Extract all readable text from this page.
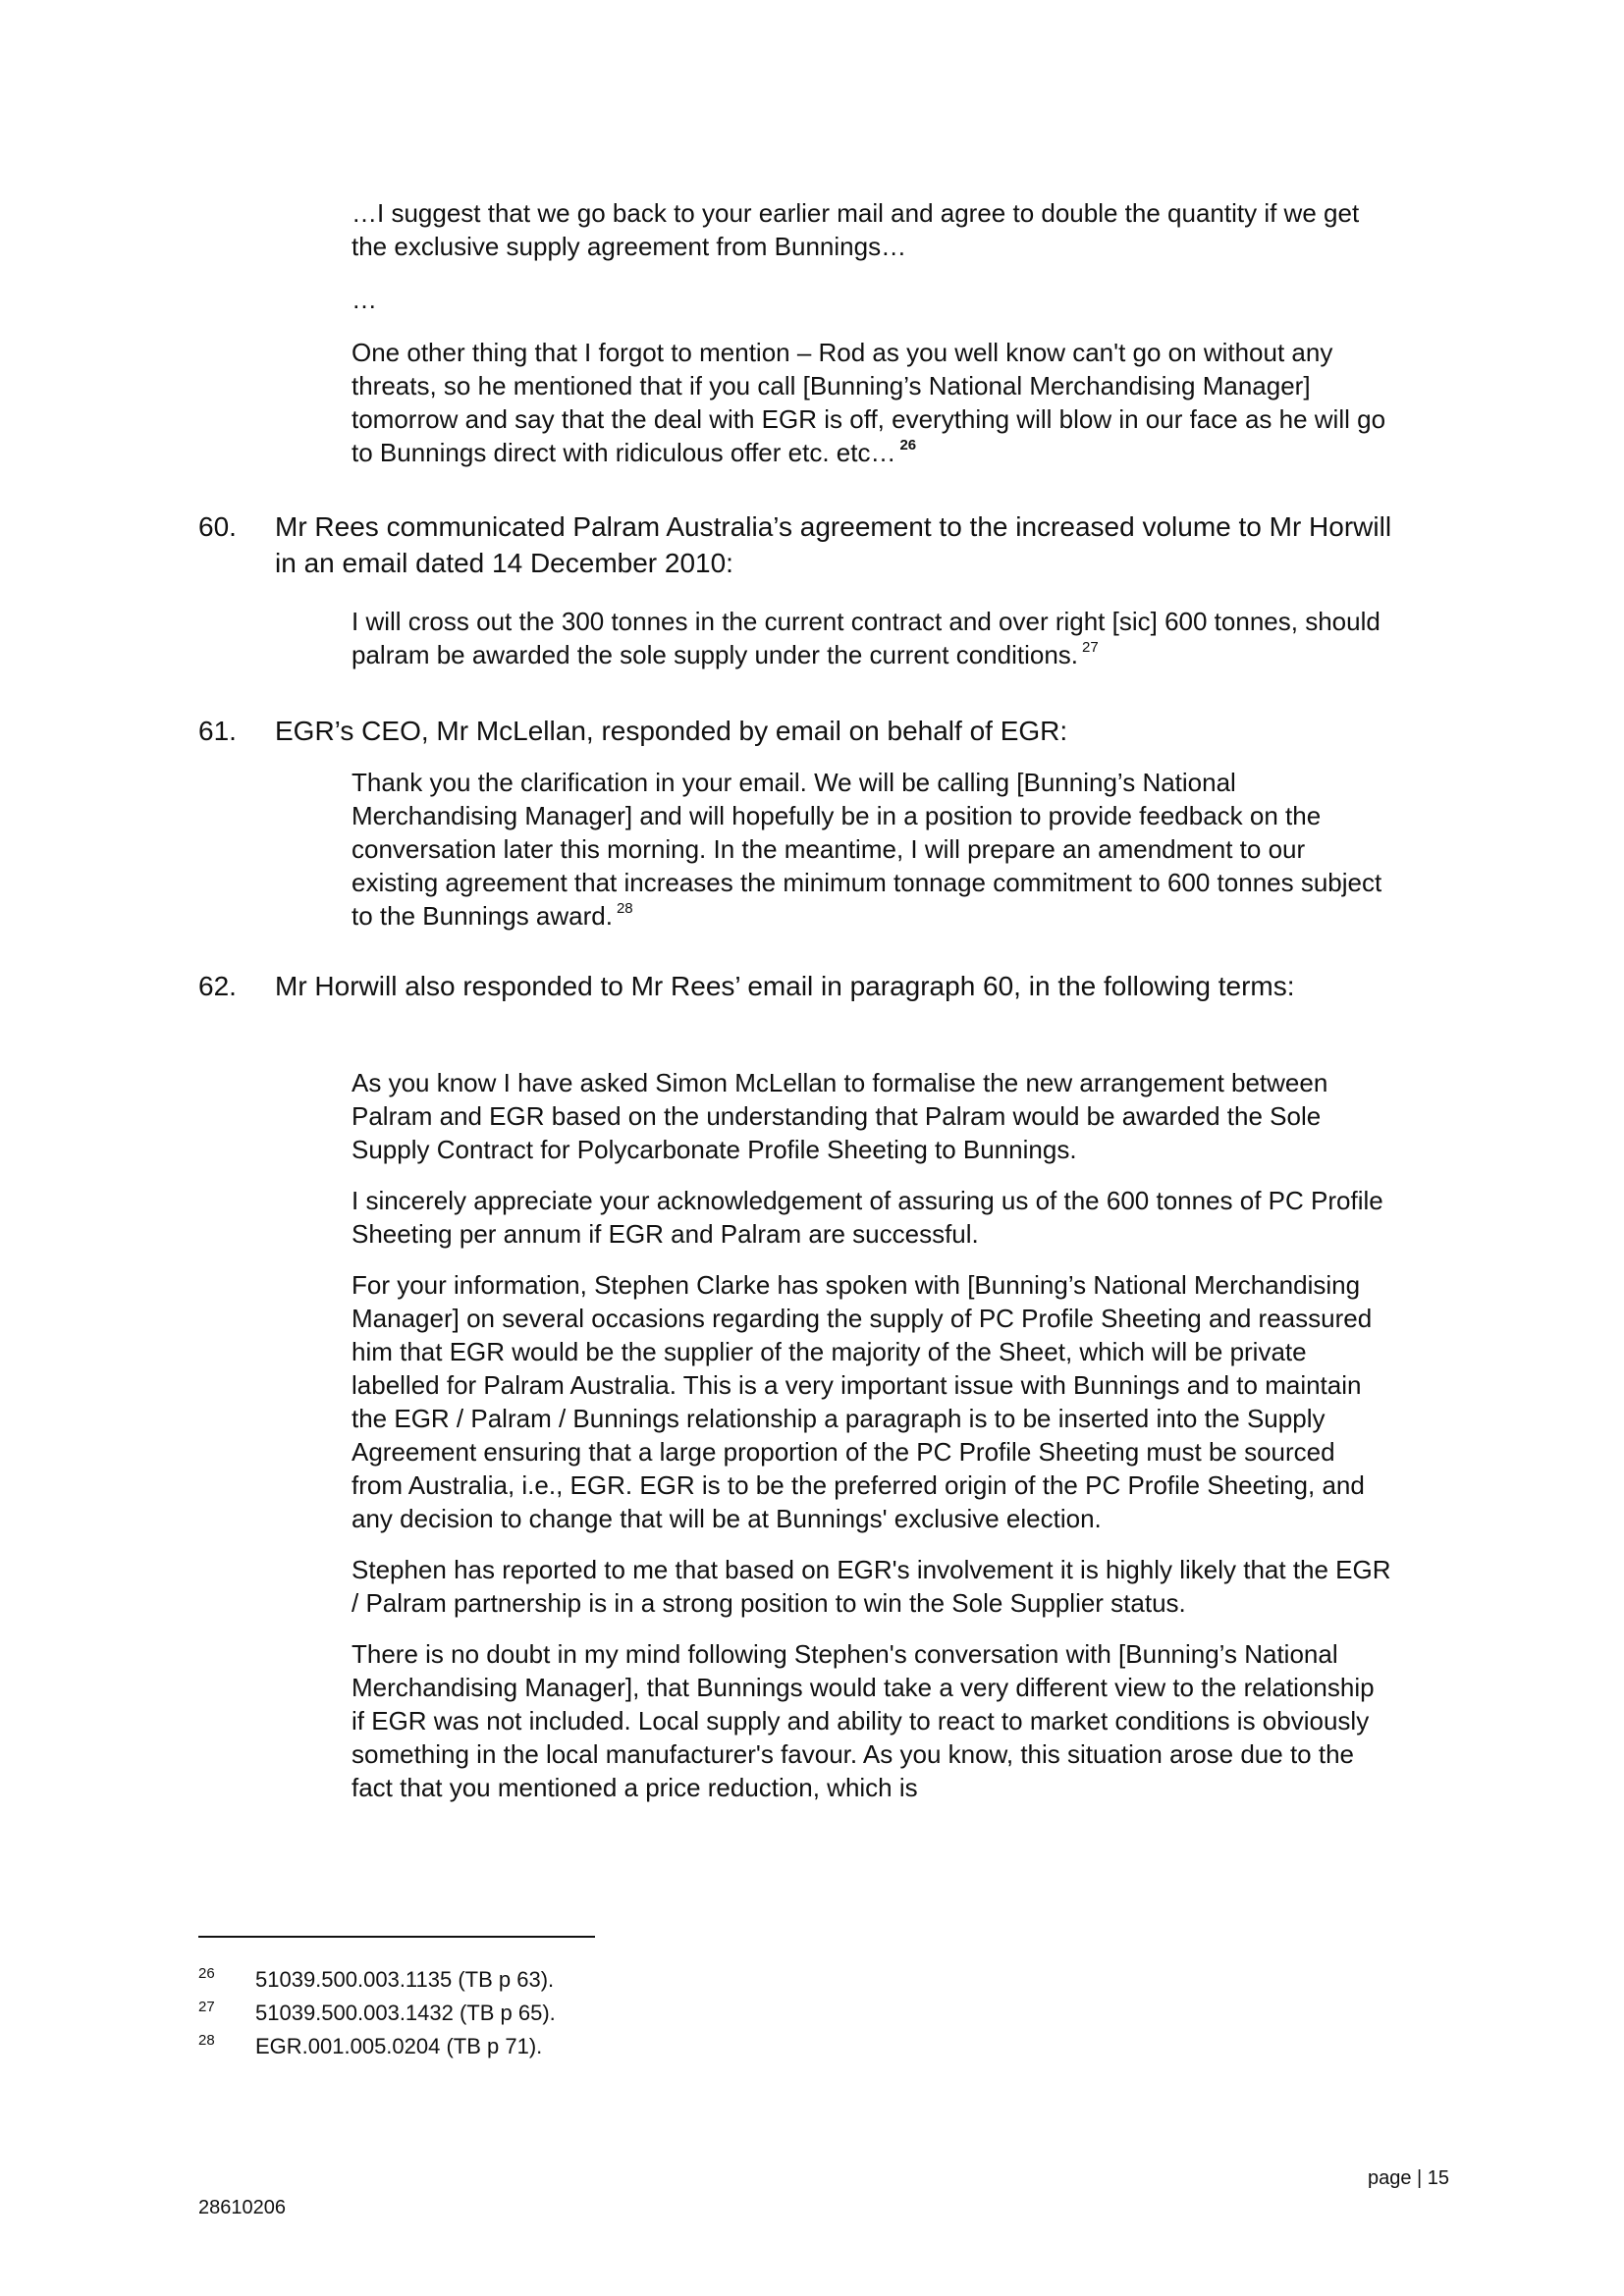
…I suggest that we go back to your earlier mail and agree to double the quantity if we get the exclusive supply agreement from Bunnings…

…

One other thing that I forgot to mention – Rod as you well know can't go on without any threats, so he mentioned that if you call [Bunning’s National Merchandising Manager] tomorrow and say that the deal with EGR is off, everything will blow in our face as he will go to Bunnings direct with ridiculous offer etc. etc… $^{26}$

60. Mr Rees communicated Palram Australia’s agreement to the increased volume to Mr Horwill in an email dated 14 December 2010:

I will cross out the 300 tonnes in the current contract and over right [sic] 600 tonnes, should palram be awarded the sole supply under the current conditions. $^{27}$

61. EGR’s CEO, Mr McLellan, responded by email on behalf of EGR:

Thank you the clarification in your email. We will be calling [Bunning’s National Merchandising Manager] and will hopefully be in a position to provide feedback on the conversation later this morning. In the meantime, I will prepare an amendment to our existing agreement that increases the minimum tonnage commitment to 600 tonnes subject to the Bunnings award. $^{28}$

62. Mr Horwill also responded to Mr Rees’ email in paragraph 60, in the following terms:

As you know I have asked Simon McLellan to formalise the new arrangement between Palram and EGR based on the understanding that Palram would be awarded the Sole Supply Contract for Polycarbonate Profile Sheeting to Bunnings.

I sincerely appreciate your acknowledgement of assuring us of the 600 tonnes of PC Profile Sheeting per annum if EGR and Palram are successful.

For your information, Stephen Clarke has spoken with [Bunning’s National Merchandising Manager] on several occasions regarding the supply of PC Profile Sheeting and reassured him that EGR would be the supplier of the majority of the Sheet, which will be private labelled for Palram Australia. This is a very important issue with Bunnings and to maintain the EGR / Palram / Bunnings relationship a paragraph is to be inserted into the Supply Agreement ensuring that a large proportion of the PC Profile Sheeting must be sourced from Australia, i.e., EGR. EGR is to be the preferred origin of the PC Profile Sheeting, and any decision to change that will be at Bunnings' exclusive election.

Stephen has reported to me that based on EGR's involvement it is highly likely that the EGR / Palram partnership is in a strong position to win the Sole Supplier status.

There is no doubt in my mind following Stephen's conversation with [Bunning’s National Merchandising Manager], that Bunnings would take a very different view to the relationship if EGR was not included. Local supply and ability to react to market conditions is obviously something in the local manufacturer's favour. As you know, this situation arose due to the fact that you mentioned a price reduction, which is

26 51039.500.003.1135 (TB p 63).
27 51039.500.003.1432 (TB p 65).
28 EGR.001.005.0204 (TB p 71).
page | 15
28610206
